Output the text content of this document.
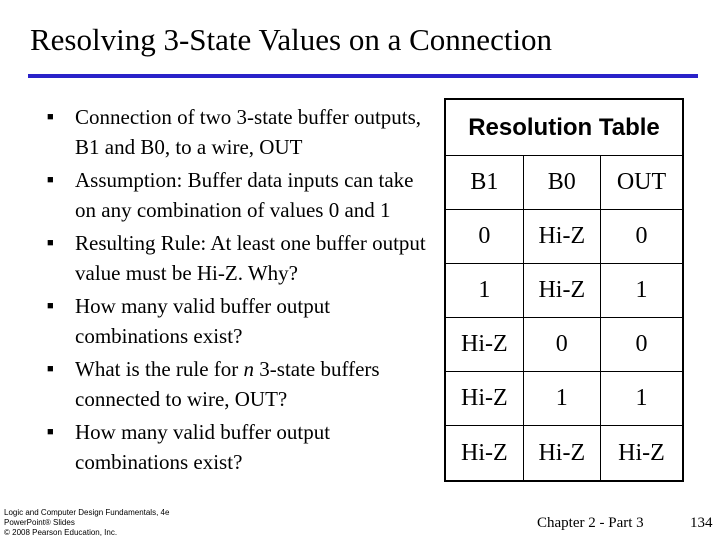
Resolving 3-State Values on a Connection
■
Connection of two 3-state buffer outputs, B1 and B0, to a wire, OUT
■
Assumption: Buffer data inputs can take on any combination of values 0 and 1
■
Resulting Rule: At least one buffer output value must be Hi-Z. Why?
■
How many valid buffer output combinations exist?
■
What is the rule for n 3-state buffers connected to wire, OUT?
■
How many valid buffer output combinations exist?
Resolution Table		
B1	B0	OUT
0	Hi-Z	0
1	Hi-Z	1
Hi-Z	0	0
Hi-Z	1	1
Hi-Z	Hi-Z	Hi-Z
Logic and Computer Design Fundamentals, 4e
PowerPoint® Slides
© 2008 Pearson Education, Inc.
Chapter 2 - Part 3	134
